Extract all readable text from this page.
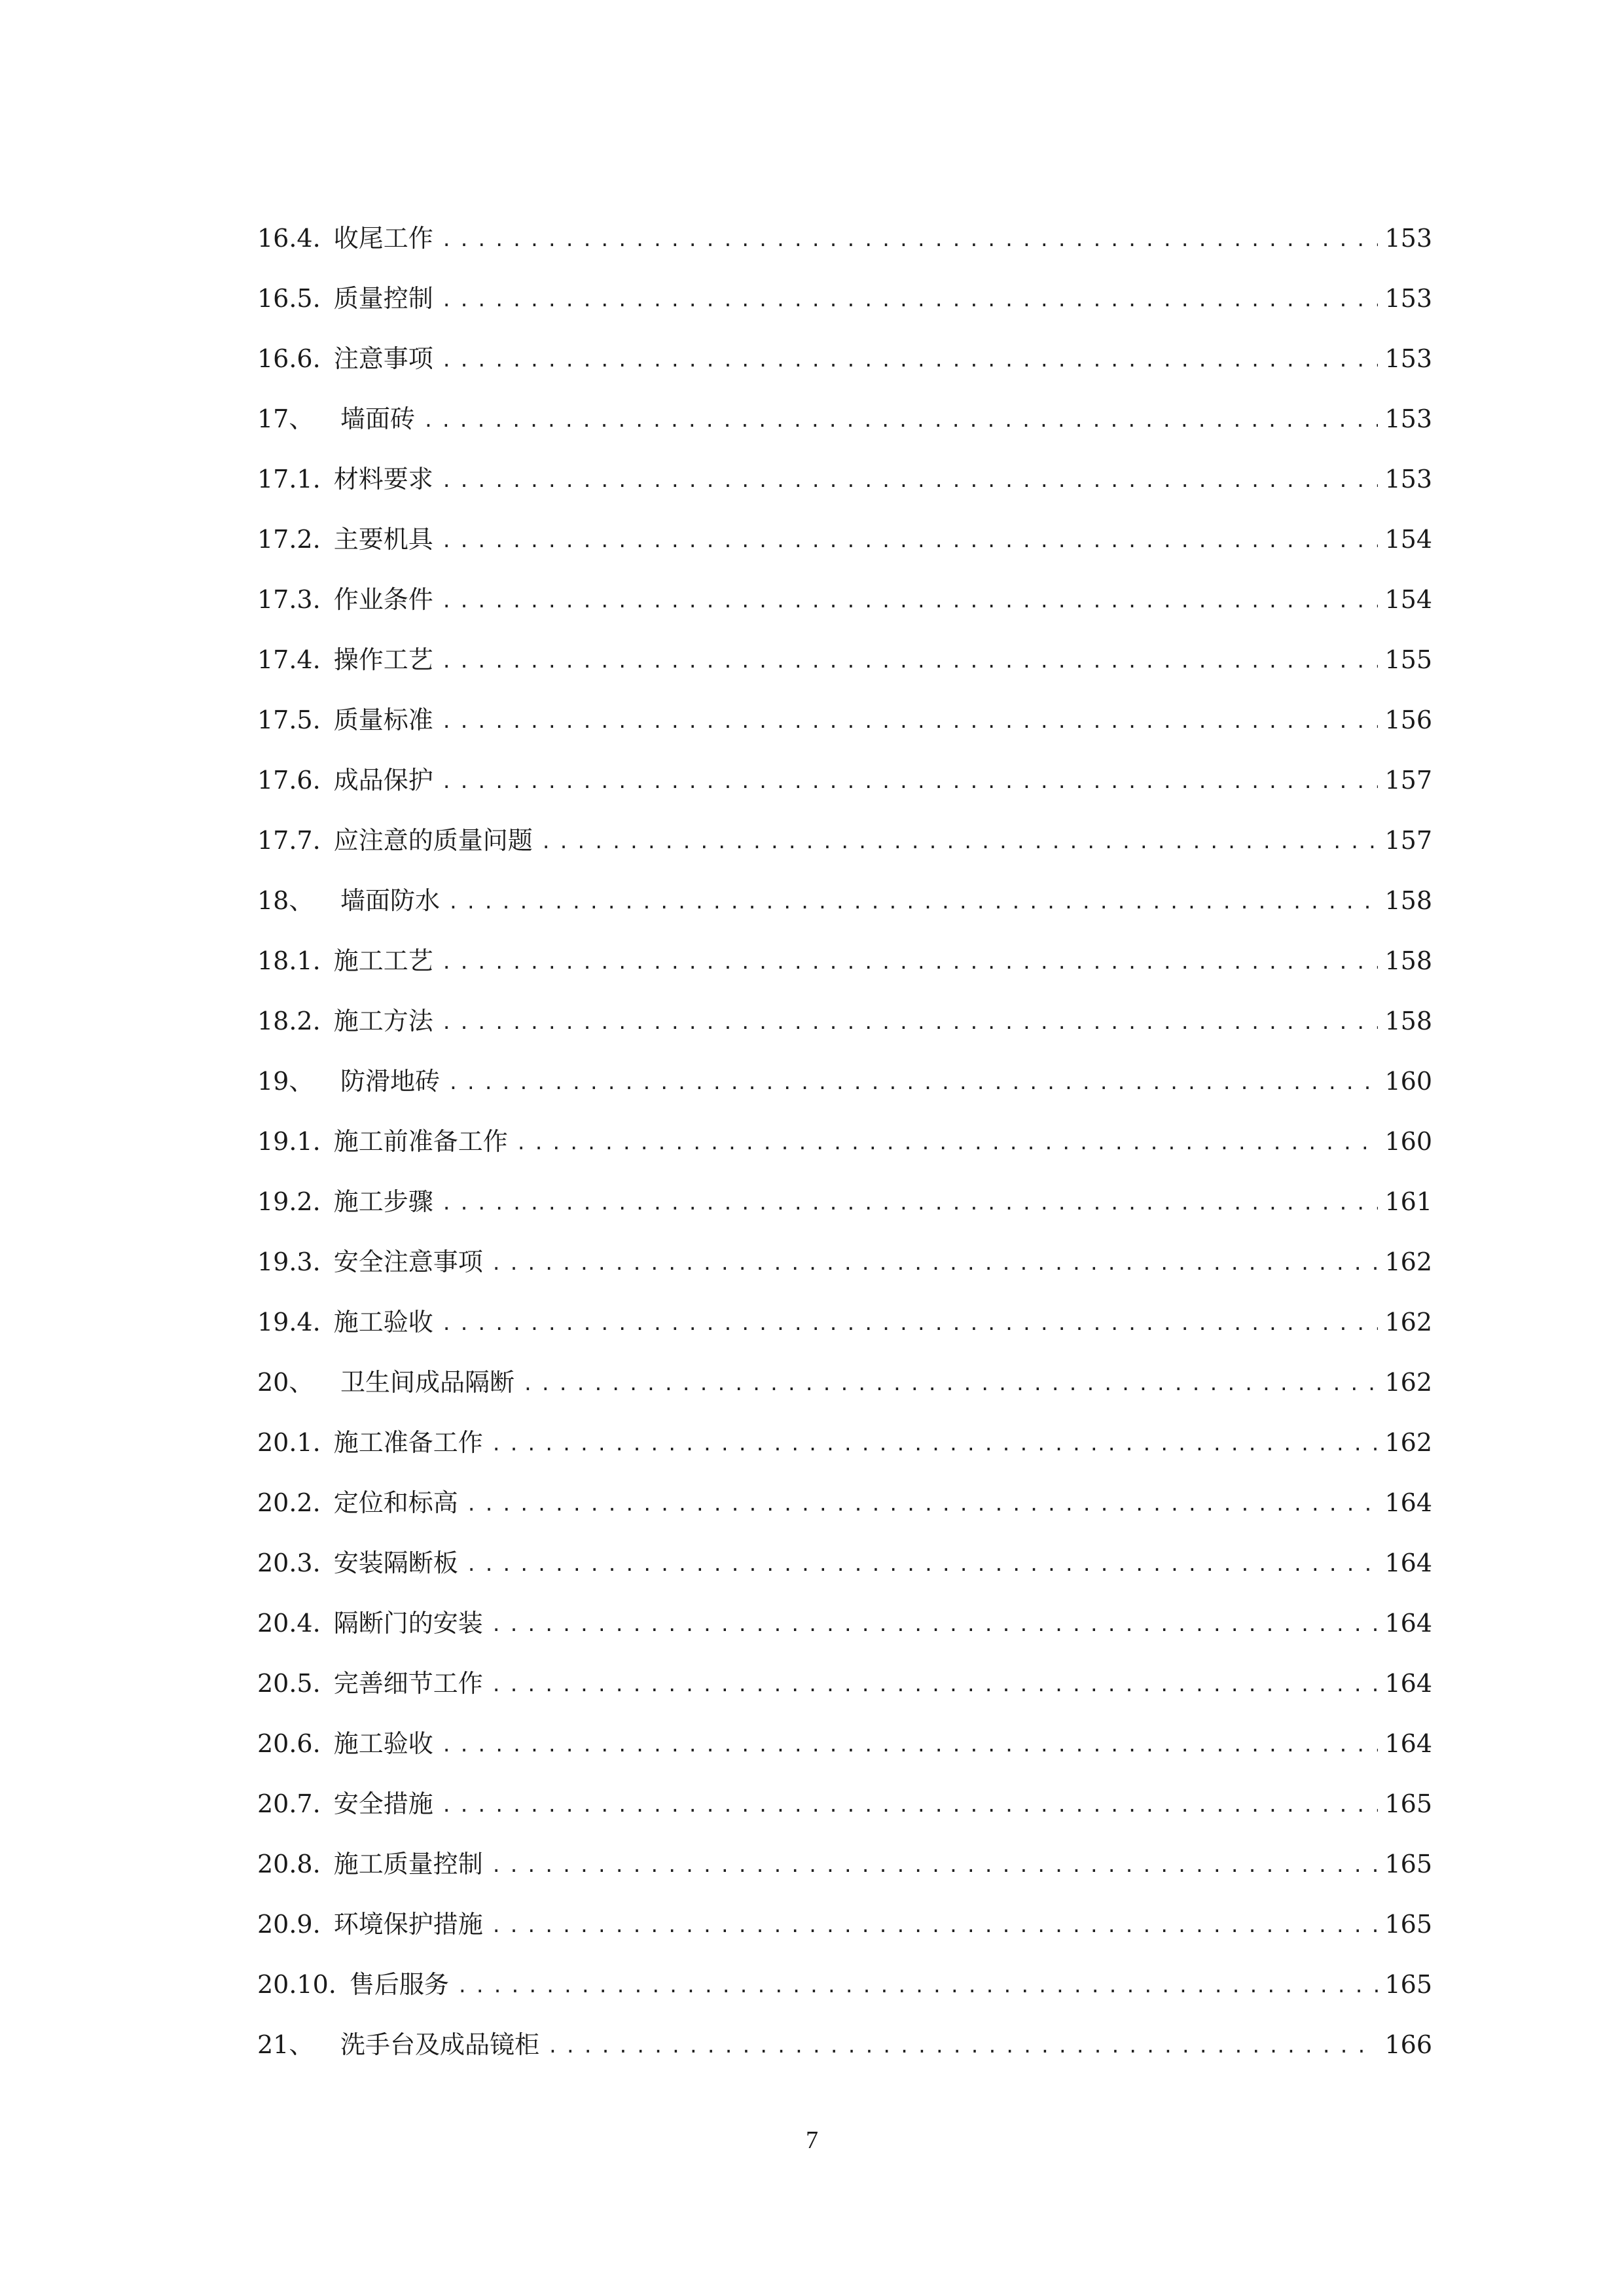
16.4. 收尾工作 .....	153
16.5. 质量控制 .....	153
16.6. 注意事项 .....	153
17、	墙面砖 .....	153
17.1. 材料要求 .....	153
17.2. 主要机具 .....	154
17.3. 作业条件 .....	154
17.4. 操作工艺 .....	155
17.5. 质量标准 .....	156
17.6. 成品保护 .....	157
17.7. 应注意的质量问题 .....	157
18、	墙面防水 .....	158
18.1. 施工工艺 .....	158
18.2. 施工方法 .....	158
19、	防滑地砖 .....	160
19.1. 施工前准备工作 .....	160
19.2. 施工步骤 .....	161
19.3. 安全注意事项 .....	162
19.4. 施工验收 .....	162
20、	卫生间成品隔断 .....	162
20.1. 施工准备工作 .....	162
20.2. 定位和标高 .....	164
20.3. 安装隔断板 .....	164
20.4. 隔断门的安装 .....	164
20.5. 完善细节工作 .....	164
20.6. 施工验收 .....	164
20.7. 安全措施 .....	165
20.8. 施工质量控制 .....	165
20.9. 环境保护措施 .....	165
20.10. 售后服务 .....	165
21、	洗手台及成品镜柜 .....	166
7
